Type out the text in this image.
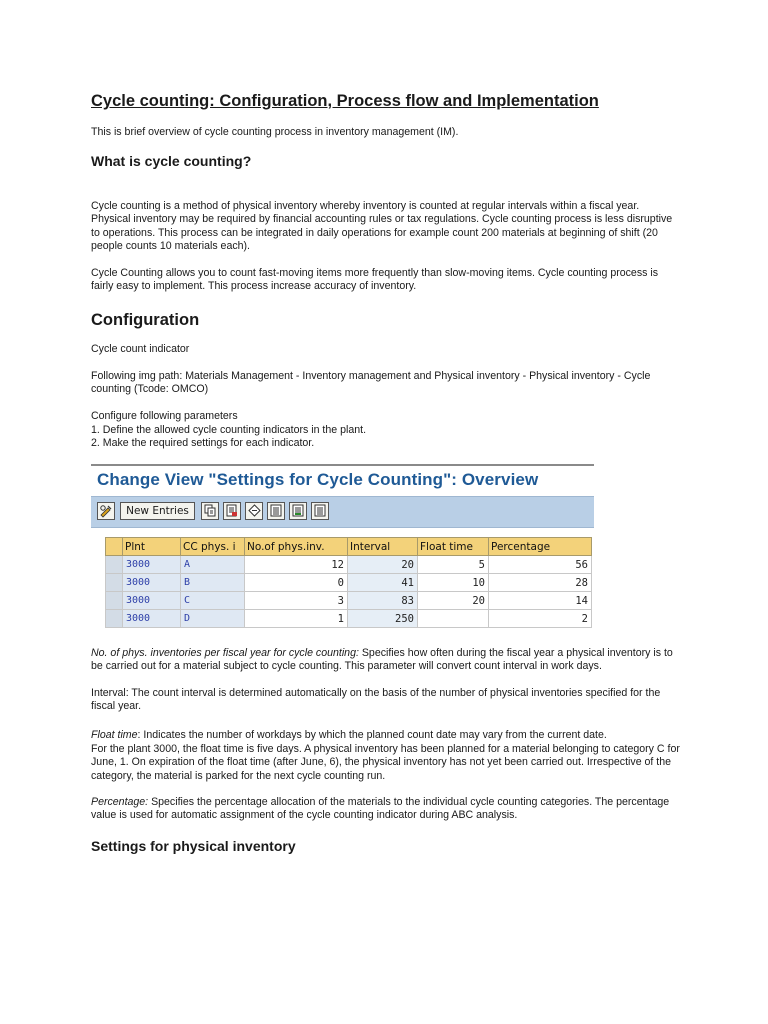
Cycle counting: Configuration, Process flow and Implementation

This is brief overview of cycle counting process in inventory management (IM).

What is cycle counting?

Cycle counting is a method of physical inventory whereby inventory is counted at regular intervals within a fiscal year. Physical inventory may be required by financial accounting rules or tax regulations. Cycle counting process is less disruptive to operations. This process can be integrated in daily operations for example count 200 materials at beginning of shift (20 people counts 10 materials each).

Cycle Counting allows you to count fast-moving items more frequently than slow-moving items. Cycle counting process is fairly easy to implement. This process increase accuracy of inventory.

Configuration

Cycle count indicator

Following img path: Materials Management - Inventory management and Physical inventory - Physical inventory - Cycle counting (Tcode: OMCO)

Configure following parameters

1. Define the allowed cycle counting indicators in the plant.

2. Make the required settings for each indicator.

No. of phys. inventories per fiscal year for cycle counting: Specifies how often during the fiscal year a physical inventory is to be carried out for a material subject to cycle counting. This parameter will convert count interval in work days.

Interval: The count interval is determined automatically on the basis of the number of physical inventories specified for the fiscal year.

Float time: Indicates the number of workdays by which the planned count date may vary from the current date.

For the plant 3000, the float time is five days. A physical inventory has been planned for a material belonging to category C for June, 1. On expiration of the float time (after June, 6), the physical inventory has not yet been carried out. Irrespective of the category, the material is parked for the next cycle counting run.

Percentage: Specifies the percentage allocation of the materials to the individual cycle counting categories. The percentage value is used for automatic assignment of the cycle counting indicator during ABC analysis.

Settings for physical inventory
Change View "Settings for Cycle Counting": Overview
New Entries
	Plnt	CC phys. i	No.of phys.inv.	Interval	Float time	Percentage
	3000	A	12	20	5	56
	3000	B	0	41	10	28
	3000	C	3	83	20	14
	3000	D	1	250		2
